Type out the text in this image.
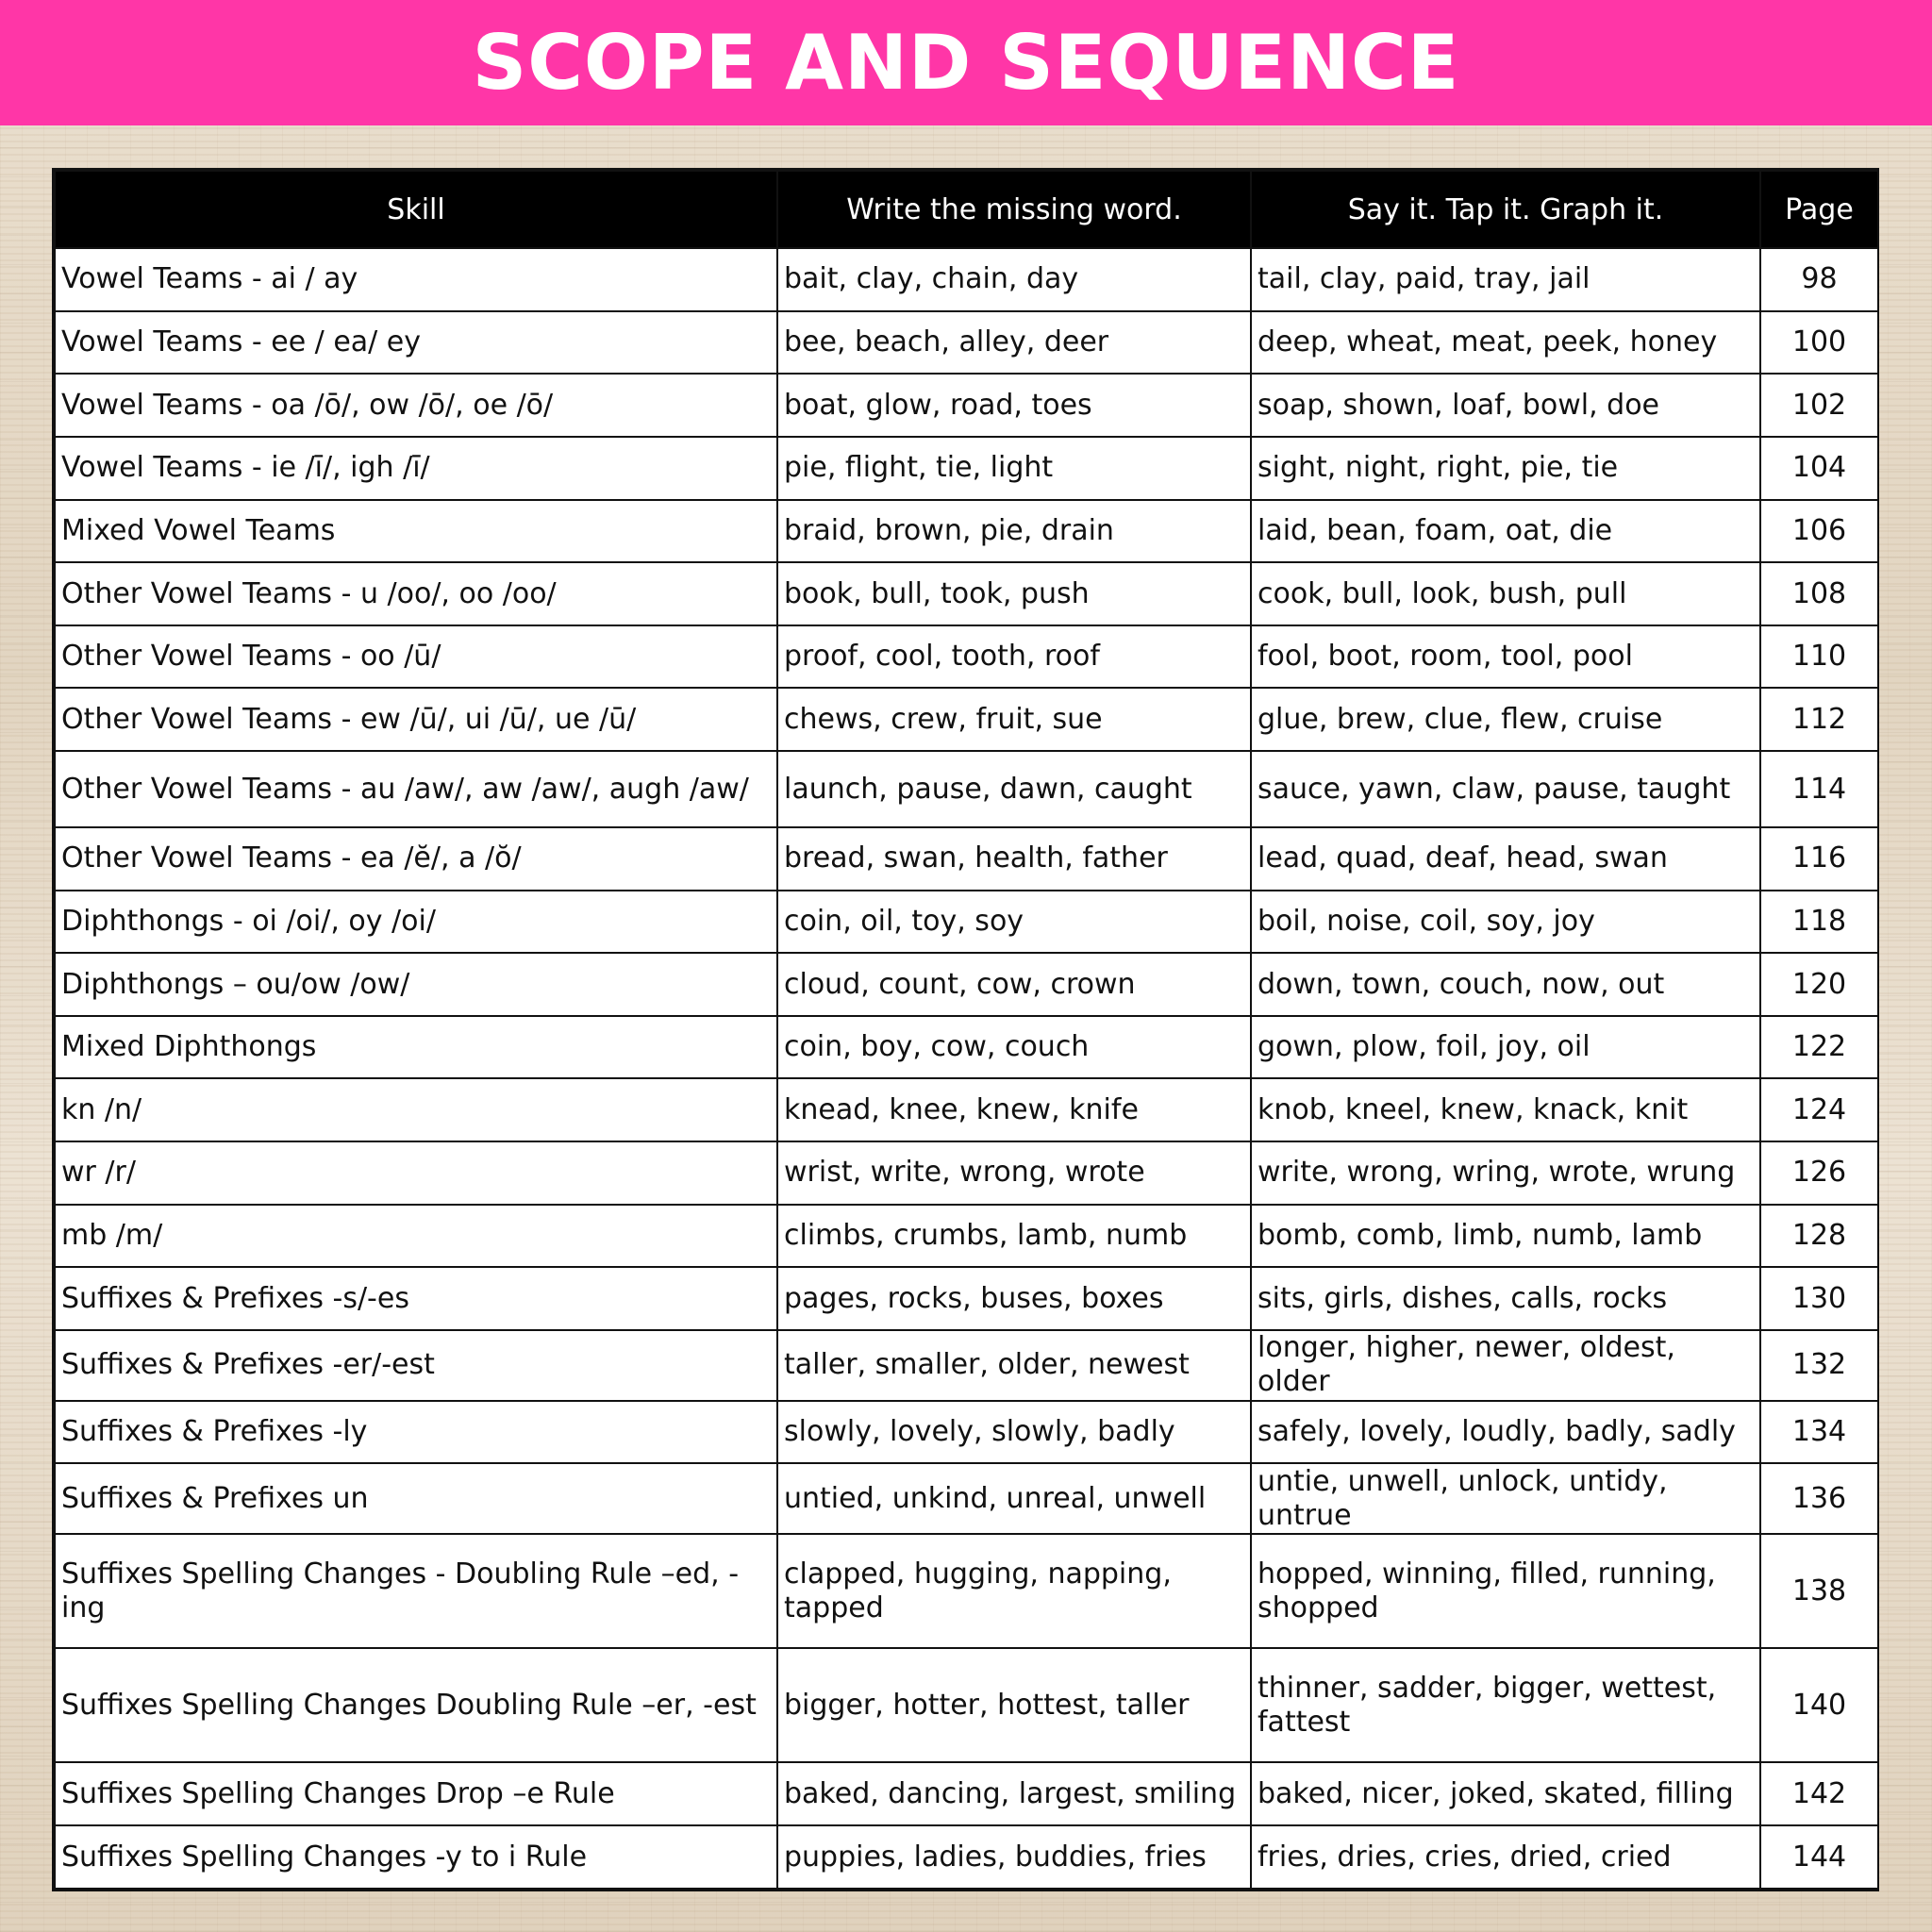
SCOPE AND SEQUENCE
Skill	Write the missing word.	Say it. Tap it. Graph it.	Page
Vowel Teams - ai / ay	bait, clay, chain, day	tail, clay, paid, tray, jail	98
Vowel Teams - ee / ea/ ey	bee, beach, alley, deer	deep, wheat, meat, peek, honey	100
Vowel Teams - oa /ō/, ow /ō/, oe /ō/	boat, glow, road, toes	soap, shown, loaf, bowl, doe	102
Vowel Teams - ie /ī/, igh /ī/	pie, flight, tie, light	sight, night, right, pie, tie	104
Mixed Vowel Teams	braid, brown, pie, drain	laid, bean, foam, oat, die	106
Other Vowel Teams - u /oo/, oo /oo/	book, bull, took, push	cook, bull, look, bush, pull	108
Other Vowel Teams - oo /ū/	proof, cool, tooth, roof	fool, boot, room, tool, pool	110
Other Vowel Teams - ew /ū/, ui /ū/, ue /ū/	chews, crew, fruit, sue	glue, brew, clue, flew, cruise	112
Other Vowel Teams - au /aw/, aw /aw/, augh /aw/	launch, pause, dawn, caught	sauce, yawn, claw, pause, taught	114
Other Vowel Teams - ea /ĕ/, a /ŏ/	bread, swan, health, father	lead, quad, deaf, head, swan	116
Diphthongs - oi /oi/, oy /oi/	coin, oil, toy, soy	boil, noise, coil, soy, joy	118
Diphthongs – ou/ow /ow/	cloud, count, cow, crown	down, town, couch, now, out	120
Mixed Diphthongs	coin, boy, cow, couch	gown, plow, foil, joy, oil	122
kn /n/	knead, knee, knew, knife	knob, kneel, knew, knack, knit	124
wr /r/	wrist, write, wrong, wrote	write, wrong, wring, wrote, wrung	126
mb /m/	climbs, crumbs, lamb, numb	bomb, comb, limb, numb, lamb	128
Suffixes & Prefixes -s/-es	pages, rocks, buses, boxes	sits, girls, dishes, calls, rocks	130
Suffixes & Prefixes -er/-est	taller, smaller, older, newest	longer, higher, newer, oldest, older	132
Suffixes & Prefixes -ly	slowly, lovely, slowly, badly	safely, lovely, loudly, badly, sadly	134
Suffixes & Prefixes un	untied, unkind, unreal, unwell	untie, unwell, unlock, untidy, untrue	136
Suffixes Spelling Changes - Doubling Rule –ed, -ing	clapped, hugging, napping, tapped	hopped, winning, filled, running, shopped	138
Suffixes Spelling Changes Doubling Rule –er, -est	bigger, hotter, hottest, taller	thinner, sadder, bigger, wettest, fattest	140
Suffixes Spelling Changes Drop –e Rule	baked, dancing, largest, smiling	baked, nicer, joked, skated, filling	142
Suffixes Spelling Changes -y to i Rule	puppies, ladies, buddies, fries	fries, dries, cries, dried, cried	144
